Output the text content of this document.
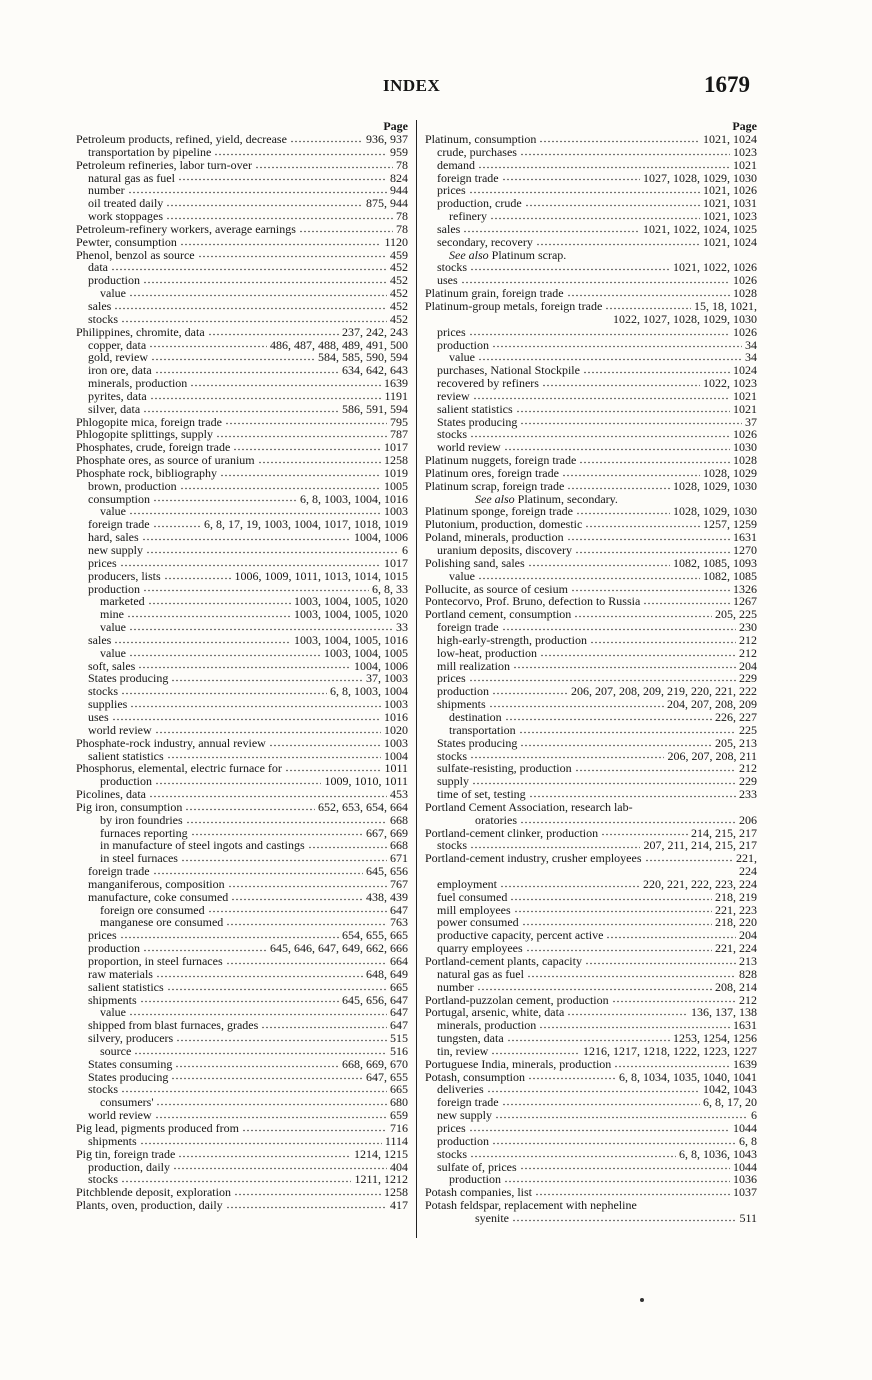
INDEX	1679
Page
Petroleum products, refined, yield, decrease	936, 937
transportation by pipeline	959
Petroleum refineries, labor turn-over	78
natural gas as fuel	824
number	944
oil treated daily	875, 944
work stoppages	78
Petroleum-refinery workers, average earnings	78
Pewter, consumption	1120
Phenol, benzol as source	459
data	452
production	452
value	452
sales	452
stocks	452
Philippines, chromite, data	237, 242, 243
copper, data	486, 487, 488, 489, 491, 500
gold, review	584, 585, 590, 594
iron ore, data	634, 642, 643
minerals, production	1639
pyrites, data	1191
silver, data	586, 591, 594
Phlogopite mica, foreign trade	795
Phlogopite splittings, supply	787
Phosphates, crude, foreign trade	1017
Phosphate ores, as source of uranium	1258
Phosphate rock, bibliography	1019
brown, production	1005
consumption	6, 8, 1003, 1004, 1016
value	1003
foreign trade	6, 8, 17, 19, 1003, 1004, 1017, 1018, 1019
hard, sales	1004, 1006
new supply	6
prices	1017
producers, lists	1006, 1009, 1011, 1013, 1014, 1015
production	6, 8, 33
marketed	1003, 1004, 1005, 1020
mine	1003, 1004, 1005, 1020
value	33
sales	1003, 1004, 1005, 1016
value	1003, 1004, 1005
soft, sales	1004, 1006
States producing	37, 1003
stocks	6, 8, 1003, 1004
supplies	1003
uses	1016
world review	1020
Phosphate-rock industry, annual review	1003
salient statistics	1004
Phosphorus, elemental, electric furnace for	1011
production	1009, 1010, 1011
Picolines, data	453
Pig iron, consumption	652, 653, 654, 664
by iron foundries	668
furnaces reporting	667, 669
in manufacture of steel ingots and castings	668
in steel furnaces	671
foreign trade	645, 656
manganiferous, composition	767
manufacture, coke consumed	438, 439
foreign ore consumed	647
manganese ore consumed	763
prices	654, 655, 665
production	645, 646, 647, 649, 662, 666
proportion, in steel furnaces	664
raw materials	648, 649
salient statistics	665
shipments	645, 656, 647
value	647
shipped from blast furnaces, grades	647
silvery, producers	515
source	516
States consuming	668, 669, 670
States producing	647, 655
stocks	665
consumers'	680
world review	659
Pig lead, pigments produced from	716
shipments	1114
Pig tin, foreign trade	1214, 1215
production, daily	404
stocks	1211, 1212
Pitchblende deposit, exploration	1258
Plants, oven, production, daily	417
Page
Platinum, consumption	1021, 1024
crude, purchases	1023
demand	1021
foreign trade	1027, 1028, 1029, 1030
prices	1021, 1026
production, crude	1021, 1031
refinery	1021, 1023
sales	1021, 1022, 1024, 1025
secondary, recovery	1021, 1024
See also Platinum scrap.
stocks	1021, 1022, 1026
uses	1026
Platinum grain, foreign trade	1028
Platinum-group metals, foreign trade	15, 18, 1021,
1022, 1027, 1028, 1029, 1030
prices	1026
production	34
value	34
purchases, National Stockpile	1024
recovered by refiners	1022, 1023
review	1021
salient statistics	1021
States producing	37
stocks	1026
world review	1030
Platinum nuggets, foreign trade	1028
Platinum ores, foreign trade	1028, 1029
Platinum scrap, foreign trade	1028, 1029, 1030
See also Platinum, secondary.
Platinum sponge, foreign trade	1028, 1029, 1030
Plutonium, production, domestic	1257, 1259
Poland, minerals, production	1631
uranium deposits, discovery	1270
Polishing sand, sales	1082, 1085, 1093
value	1082, 1085
Pollucite, as source of cesium	1326
Pontecorvo, Prof. Bruno, defection to Russia	1267
Portland cement, consumption	205, 225
foreign trade	230
high-early-strength, production	212
low-heat, production	212
mill realization	204
prices	229
production	206, 207, 208, 209, 219, 220, 221, 222
shipments	204, 207, 208, 209
destination	226, 227
transportation	225
States producing	205, 213
stocks	206, 207, 208, 211
sulfate-resisting, production	212
supply	229
time of set, testing	233
Portland Cement Association, research lab-
oratories	206
Portland-cement clinker, production	214, 215, 217
stocks	207, 211, 214, 215, 217
Portland-cement industry, crusher employees	221,
224
employment	220, 221, 222, 223, 224
fuel consumed	218, 219
mill employees	221, 223
power consumed	218, 220
productive capacity, percent active	204
quarry employees	221, 224
Portland-cement plants, capacity	213
natural gas as fuel	828
number	208, 214
Portland-puzzolan cement, production	212
Portugal, arsenic, white, data	136, 137, 138
minerals, production	1631
tungsten, data	1253, 1254, 1256
tin, review	1216, 1217, 1218, 1222, 1223, 1227
Portuguese India, minerals, production	1639
Potash, consumption	6, 8, 1034, 1035, 1040, 1041
deliveries	1042, 1043
foreign trade	6, 8, 17, 20
new supply	6
prices	1044
production	6, 8
stocks	6, 8, 1036, 1043
sulfate of, prices	1044
production	1036
Potash companies, list	1037
Potash feldspar, replacement with nepheline
syenite	511
